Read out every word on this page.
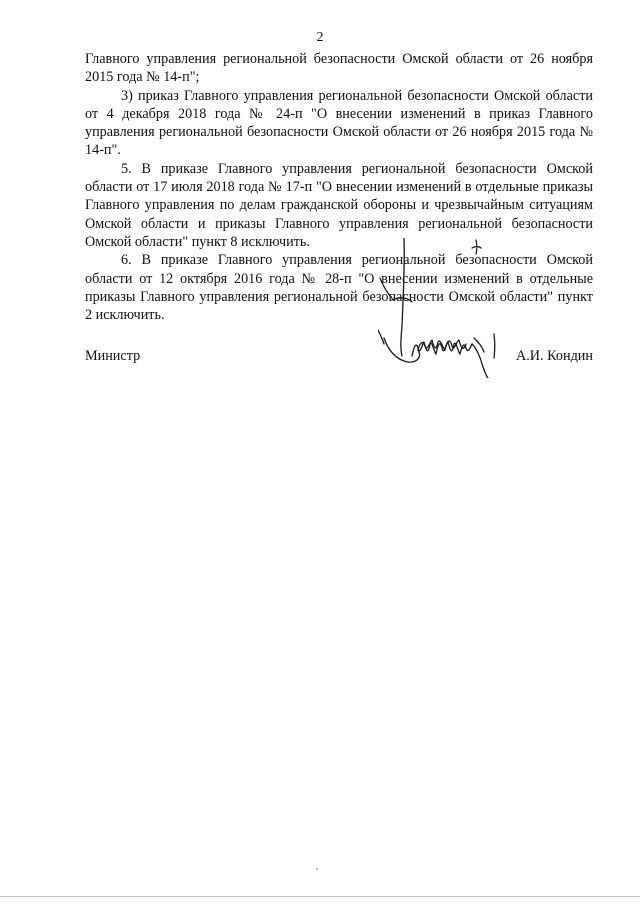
2

Главного управления региональной безопасности Омской области от 26 ноября 2015 года № 14-п";

3) приказ Главного управления региональной безопасности Омской области от 4 декабря 2018 года № 24-п "О внесении изменений в приказ Главного управления региональной безопасности Омской области от 26 ноября 2015 года № 14-п".

5. В приказе Главного управления региональной безопасности Омской области от 17 июля 2018 года № 17-п "О внесении изменений в отдельные приказы Главного управления по делам гражданской обороны и чрезвычайным ситуациям Омской области и приказы Главного управления региональной безопасности Омской области" пункт 8 исключить.

6. В приказе Главного управления региональной безопасности Омской области от 12 октября 2016 года № 28-п "О внесении изменений в отдельные приказы Главного управления региональной безопасности Омской области" пункт 2 исключить.

Министр	А.И. Кондин
